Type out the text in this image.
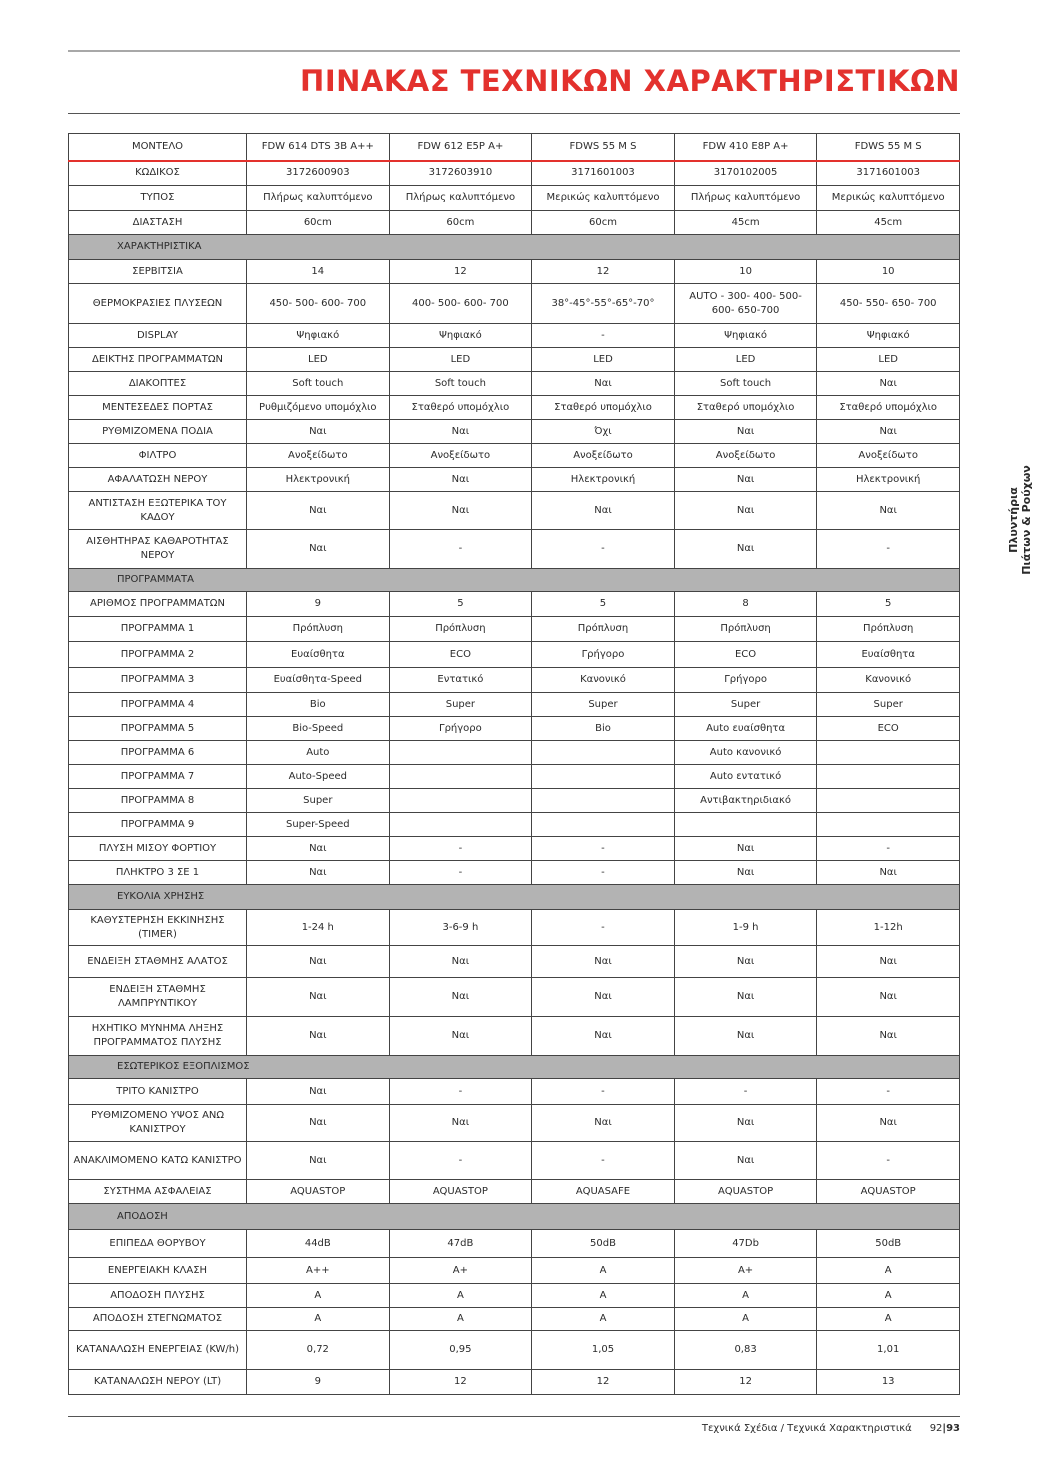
ΠΙΝΑΚΑΣ ΤΕΧΝΙΚΩΝ ΧΑΡΑΚΤΗΡΙΣΤΙΚΩΝ
ΜΟΝΤΕΛΟ	FDW 614 DTS 3B A++	FDW 612 E5P A+	FDWS 55 M S	FDW 410 E8P A+	FDWS 55 M S
ΚΩΔΙΚΟΣ	3172600903	3172603910	3171601003	3170102005	3171601003
ΤΥΠΟΣ	Πλήρως καλυπτόμενο	Πλήρως καλυπτόμενο	Μερικώς καλυπτόμενο	Πλήρως καλυπτόμενο	Μερικώς καλυπτόμενο
ΔΙΑΣΤΑΣΗ	60cm	60cm	60cm	45cm	45cm
ΧΑΡΑΚΤΗΡΙΣΤΙΚΑ					
ΣΕΡΒΙΤΣΙΑ	14	12	12	10	10
ΘΕΡΜΟΚΡΑΣΙΕΣ ΠΛΥΣΕΩΝ	450- 500- 600- 700	400- 500- 600- 700	38°-45°-55°-65°-70°	AUTO - 300- 400- 500- 600- 650-700	450- 550- 650- 700
DISPLAY	Ψηφιακό	Ψηφιακό	-	Ψηφιακό	Ψηφιακό
ΔΕΙΚΤΗΣ ΠΡΟΓΡΑΜΜΑΤΩΝ	LED	LED	LED	LED	LED
ΔΙΑΚΟΠΤΕΣ	Soft touch	Soft touch	Ναι	Soft touch	Ναι
ΜΕΝΤΕΣΕΔΕΣ ΠΟΡΤΑΣ	Ρυθμιζόμενο υπομόχλιο	Σταθερό υπομόχλιο	Σταθερό υπομόχλιο	Σταθερό υπομόχλιο	Σταθερό υπομόχλιο
ΡΥΘΜΙΖΟΜΕΝΑ ΠΟΔΙΑ	Ναι	Ναι	Όχι	Ναι	Ναι
ΦΙΛΤΡΟ	Ανοξείδωτο	Ανοξείδωτο	Ανοξείδωτο	Ανοξείδωτο	Ανοξείδωτο
ΑΦΑΛΑΤΩΣΗ ΝΕΡΟΥ	Ηλεκτρονική	Ναι	Ηλεκτρονική	Ναι	Ηλεκτρονική
ΑΝΤΙΣΤΑΣΗ ΕΞΩΤΕΡΙΚΑ ΤΟΥ ΚΑΔΟΥ	Ναι	Ναι	Ναι	Ναι	Ναι
ΑΙΣΘΗΤΗΡΑΣ ΚΑΘΑΡΟΤΗΤΑΣ ΝΕΡΟΥ	Ναι	-	-	Ναι	-
ΠΡΟΓΡΑΜΜΑΤΑ					
ΑΡΙΘΜΟΣ ΠΡΟΓΡΑΜΜΑΤΩΝ	9	5	5	8	5
ΠΡΟΓΡΑΜΜΑ 1	Πρόπλυση	Πρόπλυση	Πρόπλυση	Πρόπλυση	Πρόπλυση
ΠΡΟΓΡΑΜΜΑ 2	Ευαίσθητα	ECO	Γρήγορο	ECO	Ευαίσθητα
ΠΡΟΓΡΑΜΜΑ 3	Ευαίσθητα-Speed	Εντατικό	Κανονικό	Γρήγορο	Κανονικό
ΠΡΟΓΡΑΜΜΑ 4	Bio	Super	Super	Super	Super
ΠΡΟΓΡΑΜΜΑ 5	Bio-Speed	Γρήγορο	Bio	Auto ευαίσθητα	ECO
ΠΡΟΓΡΑΜΜΑ 6	Auto			Auto κανονικό	
ΠΡΟΓΡΑΜΜΑ 7	Auto-Speed			Auto εντατικό	
ΠΡΟΓΡΑΜΜΑ 8	Super			Αντιβακτηριδιακό	
ΠΡΟΓΡΑΜΜΑ 9	Super-Speed				
ΠΛΥΣΗ ΜΙΣΟΥ ΦΟΡΤΙΟΥ	Ναι	-	-	Ναι	-
ΠΛΗΚΤΡΟ 3 ΣΕ 1	Ναι	-	-	Ναι	Ναι
ΕΥΚΟΛΙΑ ΧΡΗΣΗΣ					
ΚΑΘΥΣΤΕΡΗΣΗ ΕΚΚΙΝΗΣΗΣ (TIMER)	1-24 h	3-6-9 h	-	1-9 h	1-12h
ΕΝΔΕΙΞΗ ΣΤΑΘΜΗΣ ΑΛΑΤΟΣ	Ναι	Ναι	Ναι	Ναι	Ναι
ΕΝΔΕΙΞΗ ΣΤΑΘΜΗΣ ΛΑΜΠΡΥΝΤΙΚΟΥ	Ναι	Ναι	Ναι	Ναι	Ναι
ΗΧΗΤΙΚΟ ΜΥΝΗΜΑ ΛΗΞΗΣ ΠΡΟΓΡΑΜΜΑΤΟΣ ΠΛΥΣΗΣ	Ναι	Ναι	Ναι	Ναι	Ναι
ΕΣΩΤΕΡΙΚΟΣ ΕΞΟΠΛΙΣΜΟΣ					
ΤΡΙΤΟ ΚΑΝΙΣΤΡΟ	Ναι	-	-	-	-
ΡΥΘΜΙΖΟΜΕΝΟ ΥΨΟΣ ΑΝΩ ΚΑΝΙΣΤΡΟΥ	Ναι	Ναι	Ναι	Ναι	Ναι
ΑΝΑΚΛΙΜΟΜΕΝΟ ΚΑΤΩ ΚΑΝΙΣΤΡΟ	Ναι	-	-	Ναι	-
ΣΥΣΤΗΜΑ ΑΣΦΑΛΕΙΑΣ	AQUASTOP	AQUASTOP	AQUASAFE	AQUASTOP	AQUASTOP
ΑΠΟΔΟΣΗ					
ΕΠΙΠΕΔΑ ΘΟΡΥΒΟΥ	44dB	47dB	50dB	47Db	50dB
ΕΝΕΡΓΕΙΑΚΗ ΚΛΑΣΗ	A++	A+	A	A+	A
ΑΠΟΔΟΣΗ ΠΛΥΣΗΣ	A	A	A	A	A
ΑΠΟΔΟΣΗ ΣΤΕΓΝΩΜΑΤΟΣ	A	A	A	A	A
ΚΑΤΑΝΑΛΩΣΗ ΕΝΕΡΓΕΙΑΣ (KW/h)	0,72	0,95	1,05	0,83	1,01
ΚΑΤΑΝΑΛΩΣΗ ΝΕΡΟΥ (LT)	9	12	12	12	13
Πλυντήρια Πιάτων & Ρούχων
Τεχνικά Σχέδια / Τεχνικά Χαρακτηριστικά 92|93
